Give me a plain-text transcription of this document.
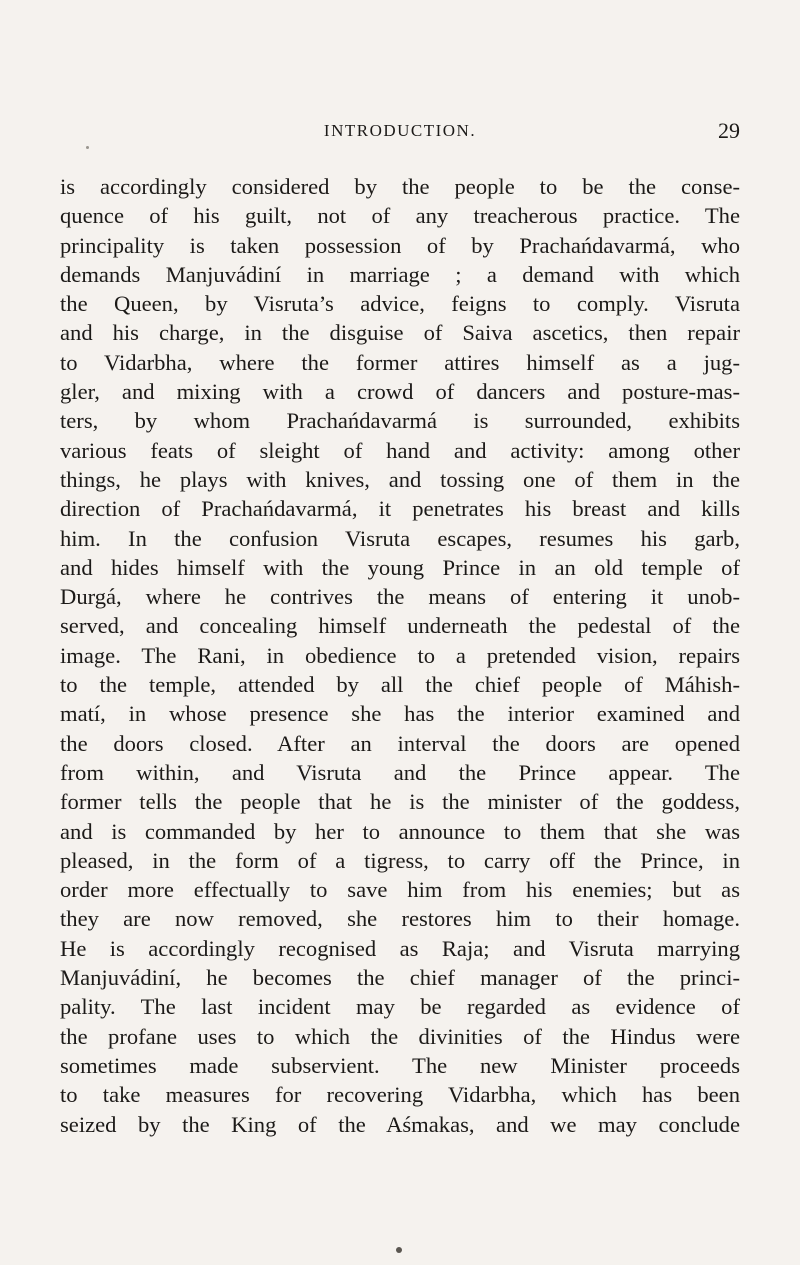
INTRODUCTION.	29
is accordingly considered by the people to be the conse-
quence of his guilt, not of any treacherous practice. The
principality is taken possession of by Prachańdavarmá, who
demands Manjuvádiní in marriage ; a demand with which
the Queen, by Visruta’s advice, feigns to comply. Visruta
and his charge, in the disguise of Saiva ascetics, then repair
to Vidarbha, where the former attires himself as a jug-
gler, and mixing with a crowd of dancers and posture-mas-
ters, by whom Prachańdavarmá is surrounded, exhibits
various feats of sleight of hand and activity: among other
things, he plays with knives, and tossing one of them in the
direction of Prachańdavarmá, it penetrates his breast and kills
him. In the confusion Visruta escapes, resumes his garb,
and hides himself with the young Prince in an old temple of
Durgá, where he contrives the means of entering it unob-
served, and concealing himself underneath the pedestal of the
image. The Rani, in obedience to a pretended vision, repairs
to the temple, attended by all the chief people of Máhish-
matí, in whose presence she has the interior examined and
the doors closed. After an interval the doors are opened
from within, and Visruta and the Prince appear. The
former tells the people that he is the minister of the goddess,
and is commanded by her to announce to them that she was
pleased, in the form of a tigress, to carry off the Prince, in
order more effectually to save him from his enemies; but as
they are now removed, she restores him to their homage.
He is accordingly recognised as Raja; and Visruta marrying
Manjuvádiní, he becomes the chief manager of the princi-
pality. The last incident may be regarded as evidence of
the profane uses to which the divinities of the Hindus were
sometimes made subservient. The new Minister proceeds
to take measures for recovering Vidarbha, which has been
seized by the King of the Aśmakas, and we may conclude
